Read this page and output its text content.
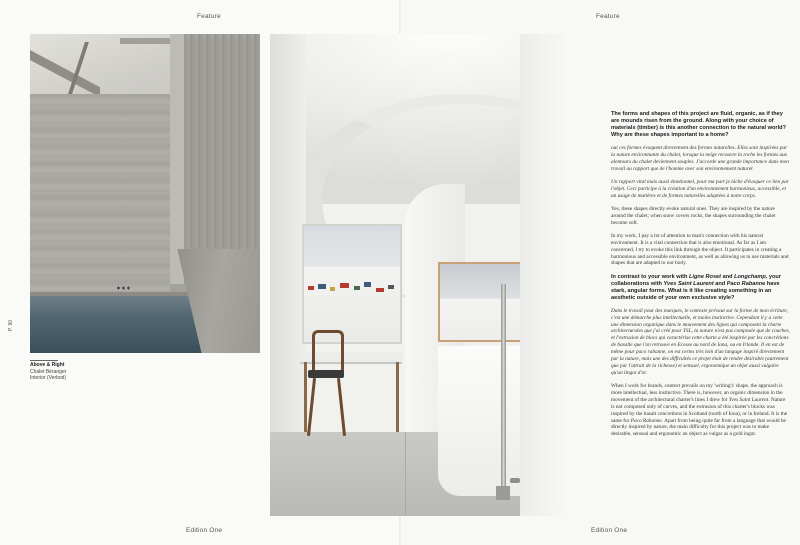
Feature
P. 90
Above & Right
Chalet Béranger
Interior (Verbod)
Edition One
Feature
Edition One

The forms and shapes of this project are fluid, organic, as if they are mounds risen from the ground. Along with your choice of materials (timber) is this another connection to the natural world? Why are these shapes important to a home?

oui ces formes évoquent directement des formes naturelles. Elles sont inspirées par la nature environnante du chalet, lorsque la neige recouvre la roche les formes aux alentours du chalet deviennent souples. J'accorde une grande importance dans mon travail au rapport que de l'homme avec son environnement naturel.

Un rapport vital mais aussi émotionnel, pour ma part je tâche d'évoquer ce lien par l'objet. Ceci participe à la création d'un environnement harmonieux, accessible, et un usage de matières et de formes naturelles adaptées à notre corps.

Yes, these shapes directly evoke natural ones. They are inspired by the nature around the chalet; when snow covers rocks, the shapes surrounding the chalet become soft.

In my work, I pay a lot of attention to man's connection with his natural environment. It is a vital connection that is also emotional. As far as I am concerned, I try to evoke this link through the object. It participates in creating a harmonious and accessible environment, as well as allowing us to use materials and shapes that are adapted to our body.

In contrast to your work with Ligne Roset and Longchamp, your collaborations with Yves Saint Laurent and Paco Rabanne have stark, angular forms. What is it like creating something in an aesthetic outside of your own exclusive style?

Dans le travail pour des marques, le contexte prévaut sur la forme de mon écriture, c'est une démarche plus intellectuelle, et moins instinctive. Cependant il y a cette une dimension organique dans le mouvement des lignes qui composent la charte architecturales que j'ai créé pour YSL, la nature n'est pas composée que de courbes, et l'extrusion de blocs qui caractérise cette charte a été inspirée par les concrétions de basalte que l'on retrouve en Ecosse au nord de Iona, ou en Irlande. Il en est de même pour paco rabanne, on est certes très loin d'un langage inspiré directement par la nature, mais une des difficultés ce projet était de rendre désirable (autrement que par l'attrait de la richesse) et sensuel, ergonomique un objet aussi vulgaire qu'un lingot d'or.

When I work for brands, context prevails on my 'writing's' shape, the approach is more intellectual, less instinctive. There is, however, an organic dimension in the movement of the architectural charter's lines I drew for Yves Saint Laurent. Nature is not composed only of curves, and the extrusion of this charter's blocks was inspired by the basalt concretions in Scotland (north of Iona), or in Ireland. It is the same for Paco Rabanne. Apart from being quite far from a language that would be directly inspired by nature, the main difficulty for this project was to make desirable, sensual and ergonomic an object as vulgar as a gold ingot.
